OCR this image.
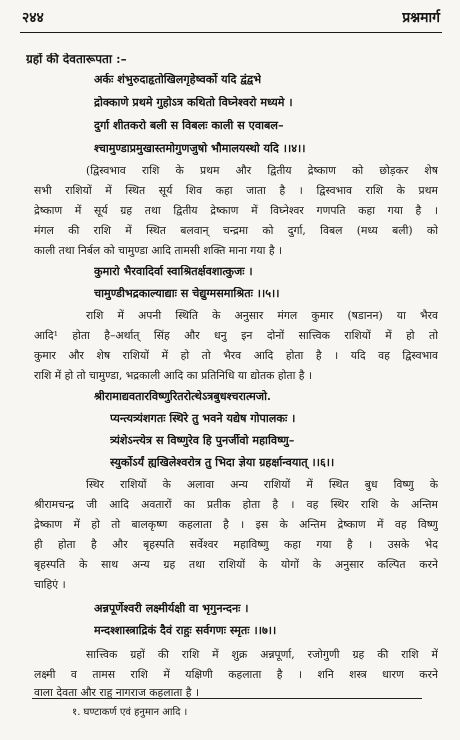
२४४	प्रश्नमार्ग
ग्रहों की देवतारूपता :–
अर्कः शंभुरुदाहृतोखिलगृहेष्वर्को यदि द्वंद्वभे
द्रोक्काणे प्रथमे गुहोऽत्र कथितो विघ्नेश्वरो मध्यमे ।
दुर्गा शीतकरो बली स विबलः काली स एवाबल–
श्चामुण्डाप्रमुखास्तमोगुणजुषो भौमालयस्थो यदि ।।४।।
(द्विस्वभाव राशि के प्रथम और द्वितीय द्रेष्काण को छोड़कर शेष
सभी राशियों में स्थित सूर्य शिव कहा जाता है । द्विस्वभाव राशि के प्रथम
द्रेष्काण में सूर्य ग्रह तथा द्वितीय द्रेष्काण में विघ्नेश्वर गणपति कहा गया है ।
मंगल की राशि में स्थित बलवान् चन्द्रमा को दुर्गा, विबल (मध्य बली) को
काली तथा निर्बल को चामुण्डा आदि तामसी शक्ति माना गया है ।
कुमारो भैरवादिर्वा स्वाश्रितर्क्षवशात्कुजः ।
चामुण्डीभद्रकाल्याद्याः स चेद्युग्मसमाश्रितः ।।५।।
राशि में अपनी स्थिति के अनुसार मंगल कुमार (षडानन) या भैरव
आदि¹ होता है–अर्थात् सिंह और धनु इन दोनों सात्त्विक राशियों में हो तो
कुमार और शेष राशियों में हो तो भैरव आदि होता है । यदि वह द्विस्वभाव
राशि में हो तो चामुण्डा, भद्रकाली आदि का प्रतिनिधि या द्योतक होता है ।
श्रीरामाद्यवतारविष्णुरितरोत्थेऽत्रबुधश्चरात्मजो.
प्यन्त्यत्र्यंशगतः स्थिरे तु भवने यद्येष गोपालकः ।
त्र्यंशेऽन्त्येत्र स विष्णुरेव हि पुनर्जीवो महाविष्णु–
स्युर्कोऽर्यं ह्यखिलेश्वरोत्र तु भिदा ज्ञेया ग्रहर्क्षान्वयात् ।।६।।
स्थिर राशियों के अलावा अन्य राशियों में स्थित बुध विष्णु के
श्रीरामचन्द्र जी आदि अवतारों का प्रतीक होता है । वह स्थिर राशि के अन्तिम
द्रेष्काण में हो तो बालकृष्ण कहलाता है । इस के अन्तिम द्रेष्काण में वह विष्णु
ही होता है और बृहस्पति सर्वेश्वर महाविष्णु कहा गया है । उसके भेद
बृहस्पति के साथ अन्य ग्रह तथा राशियों के योगों के अनुसार कल्पित करने
चाहिएं ।
अन्नपूर्णेश्वरी लक्ष्मीर्यक्षी वा भृगुनन्दनः ।
मन्दश्शास्त्राद्रिकं दैवं राहुः सर्वगणः स्मृतः ।।७।।
सात्त्विक ग्रहों की राशि में शुक्र अन्नपूर्णा, रजोगुणी ग्रह की राशि में
लक्ष्मी व तामस राशि में यक्षिणी कहलाता है । शनि शस्त्र धारण करने
वाला देवता और राहु नागराज कहलाता है ।
१. घण्टाकर्ण एवं हनुमान आदि ।
